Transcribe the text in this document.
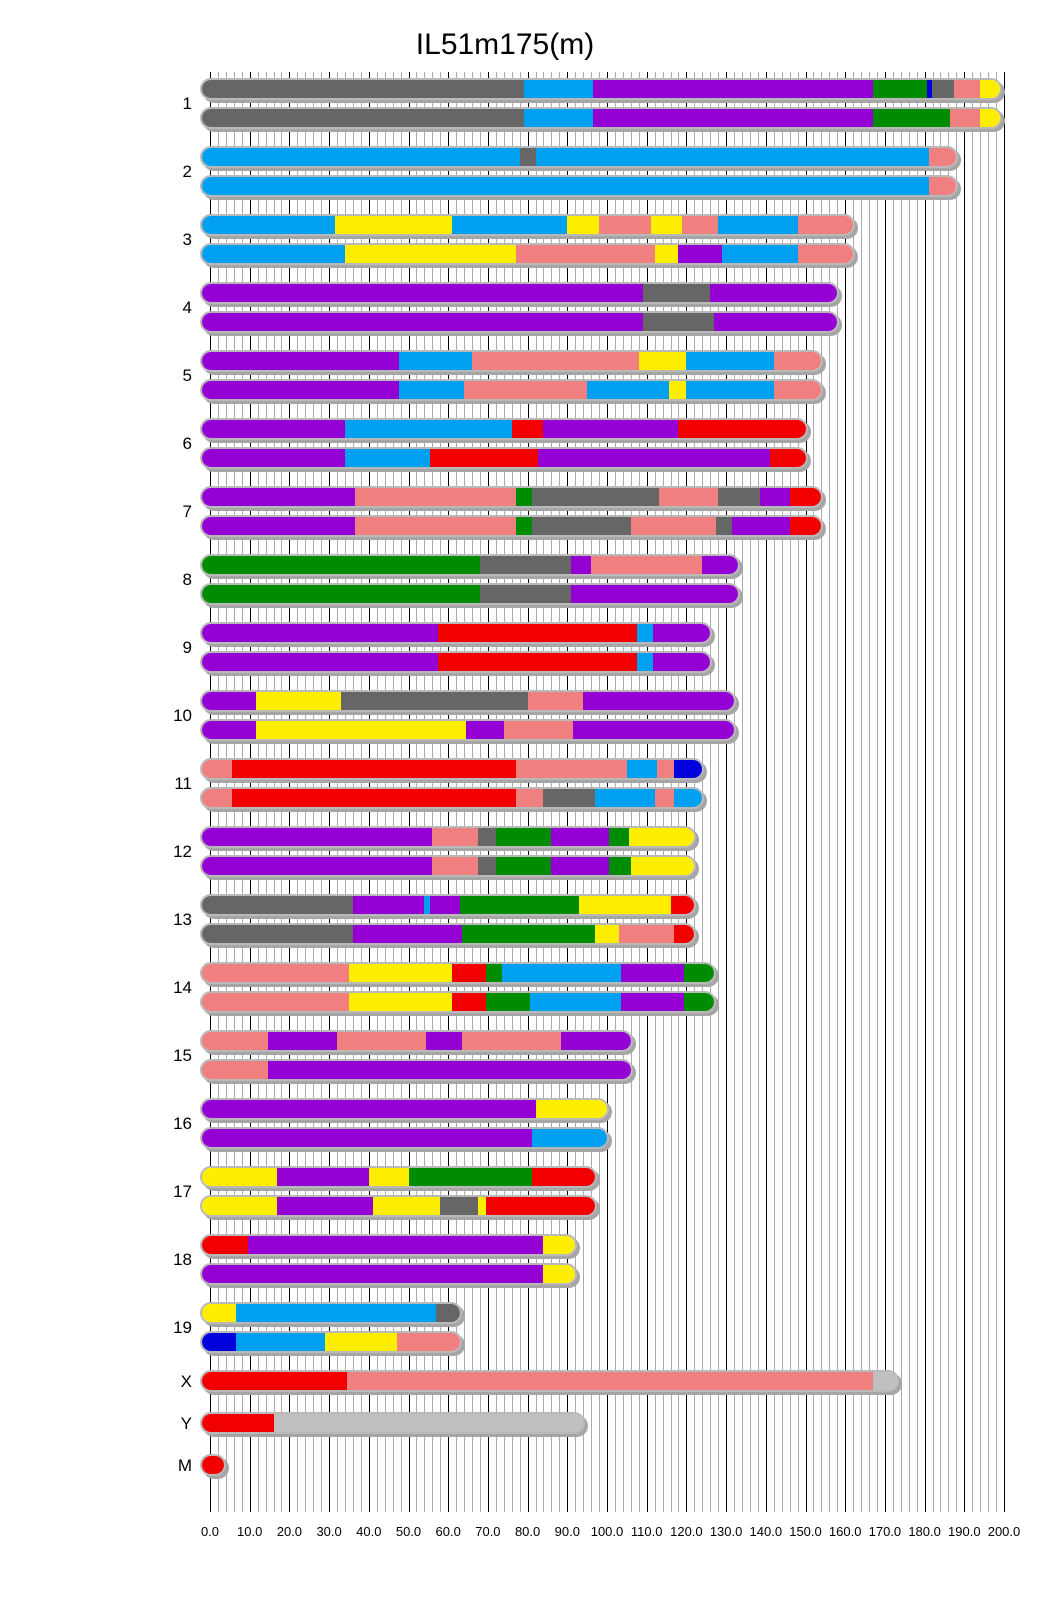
IL51m175(m)
1
2
3
4
5
6
7
8
9
10
11
12
13
14
15
16
17
18
19
X
Y
M
0.0	10.0	20.0	30.0	40.0	50.0	60.0	70.0	80.0	90.0 100.0 110.0 120.0 130.0 140.0 150.0 160.0 170.0 180.0 190.0 200.0
